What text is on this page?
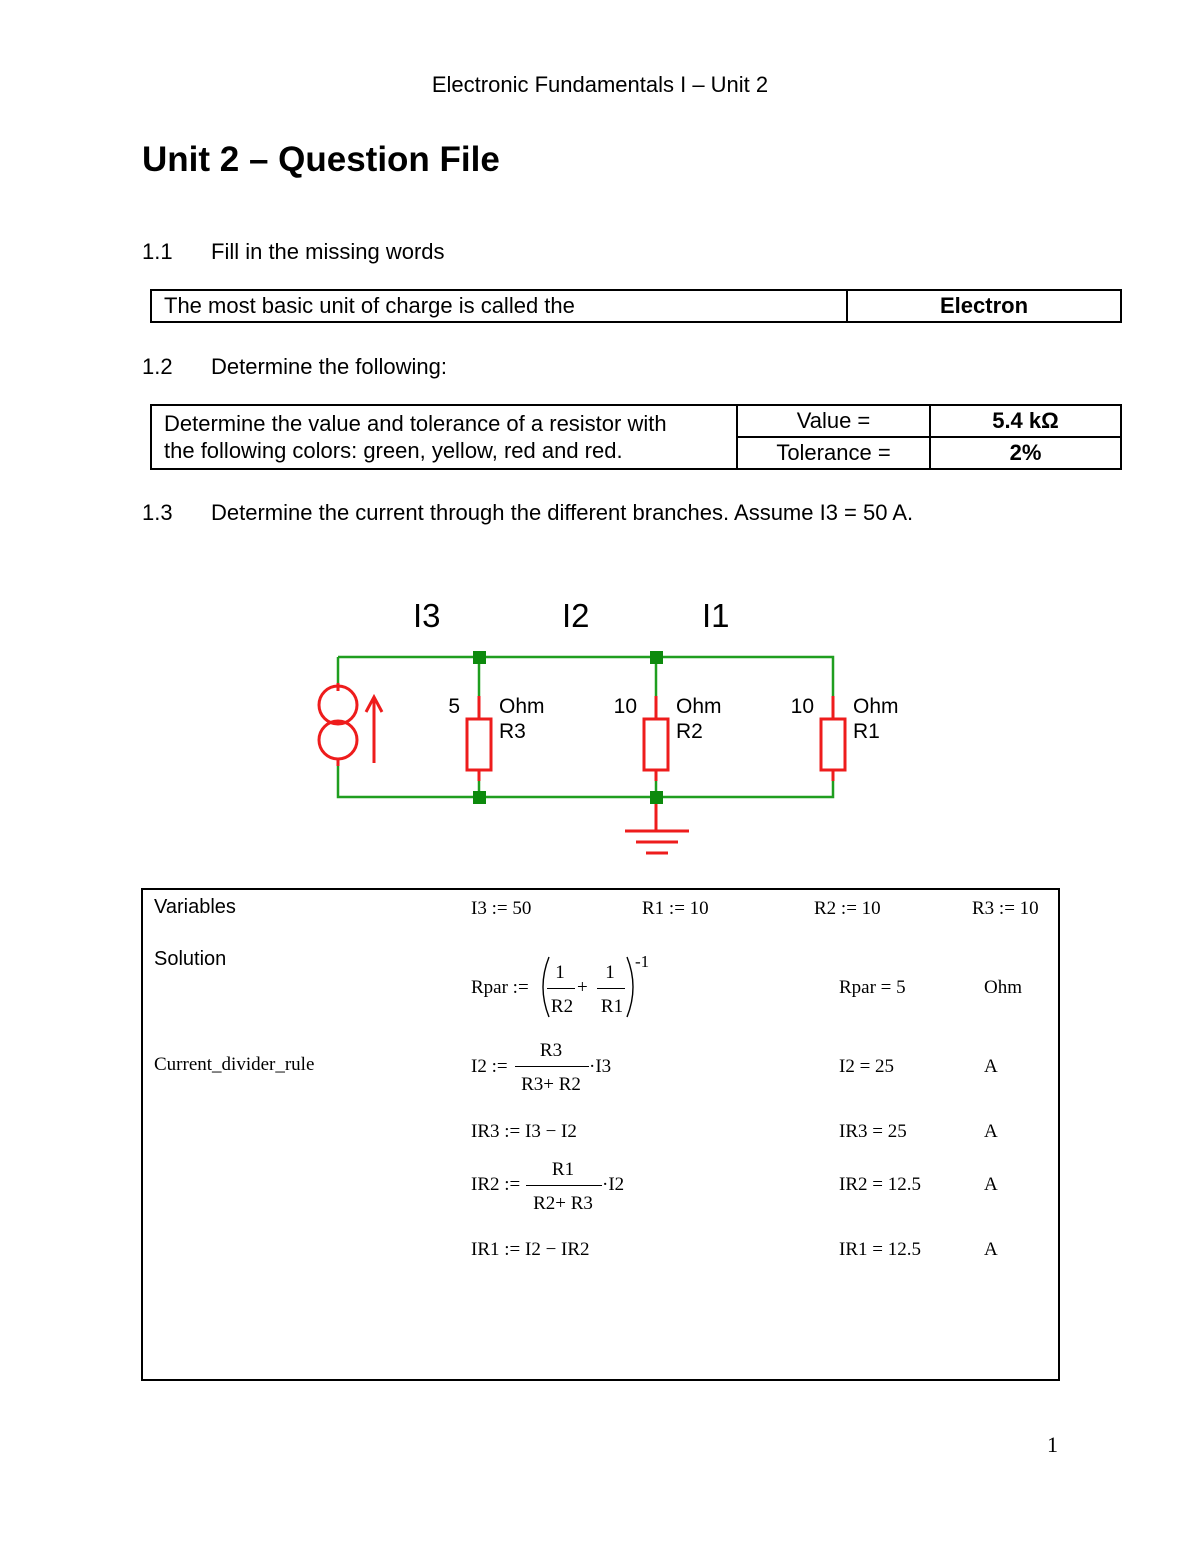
Electronic Fundamentals I – Unit 2
Unit 2 – Question File
1.1 Fill in the missing words
The most basic unit of charge is called the	Electron
1.2 Determine the following:
Determine the value and tolerance of a resistor with
the following colors: green, yellow, red and red.	Value =	5.4 kΩ
	Tolerance =	2%
1.3 Determine the current through the different branches. Assume I3 = 50 A.
I3	I2	I1
5 Ohm
R3
10 Ohm
R2
10 Ohm
R1
Variables	I3 := 50	R1 := 10	R2 := 10	R3 := 10
Solution
Rpar :=
1
R2
+
1
R1
-1
Rpar = 5	Ohm
Current_divider_rule	I2 :=
R3
R3+ R2
·I3	I2 = 25	A
IR3 := I3 − I2	IR3 = 25	A
IR2 :=
R1
R2+ R3
·I2	IR2 = 12.5	A
IR1 := I2 − IR2	IR1 = 12.5	A
1
